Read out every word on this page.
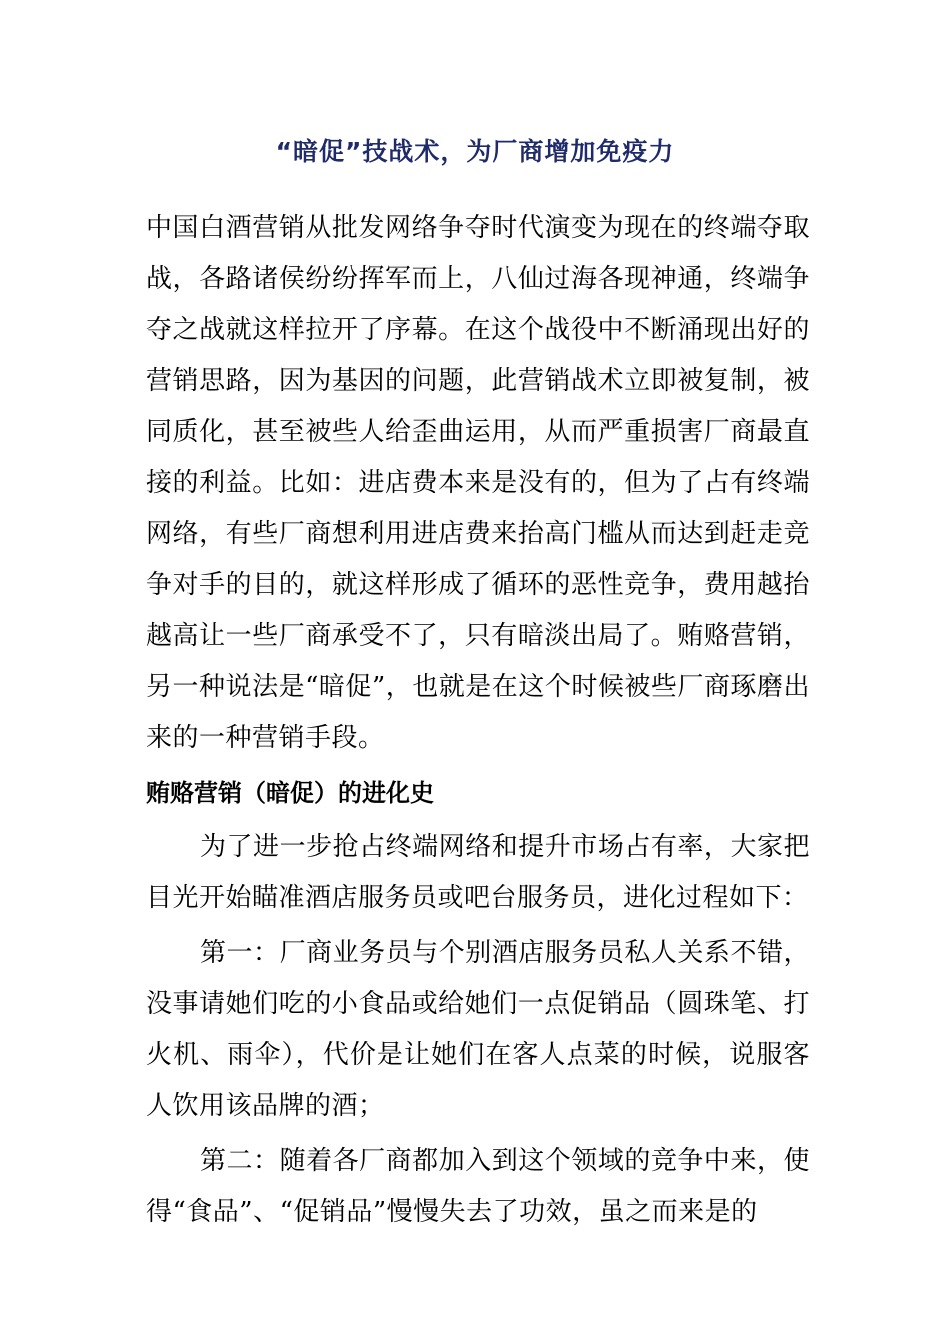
“暗促”技战术，为厂商增加免疫力

中国白酒营销从批发网络争夺时代演变为现在的终端夺取战，各路诸侯纷纷挥军而上，八仙过海各现神通，终端争夺之战就这样拉开了序幕。在这个战役中不断涌现出好的营销思路，因为基因的问题，此营销战术立即被复制，被同质化，甚至被些人给歪曲运用，从而严重损害厂商最直接的利益。比如：进店费本来是没有的，但为了占有终端网络，有些厂商想利用进店费来抬高门槛从而达到赶走竞争对手的目的，就这样形成了循环的恶性竞争，费用越抬越高让一些厂商承受不了，只有暗淡出局了。贿赂营销，另一种说法是“暗促”，也就是在这个时候被些厂商琢磨出来的一种营销手段。

贿赂营销（暗促）的进化史

为了进一步抢占终端网络和提升市场占有率，大家把目光开始瞄准酒店服务员或吧台服务员，进化过程如下：

第一：厂商业务员与个别酒店服务员私人关系不错，没事请她们吃的小食品或给她们一点促销品（圆珠笔、打火机、雨伞），代价是让她们在客人点菜的时候，说服客人饮用该品牌的酒；

第二：随着各厂商都加入到这个领域的竞争中来，使得“食品”、“促销品”慢慢失去了功效，虽之而来是的
